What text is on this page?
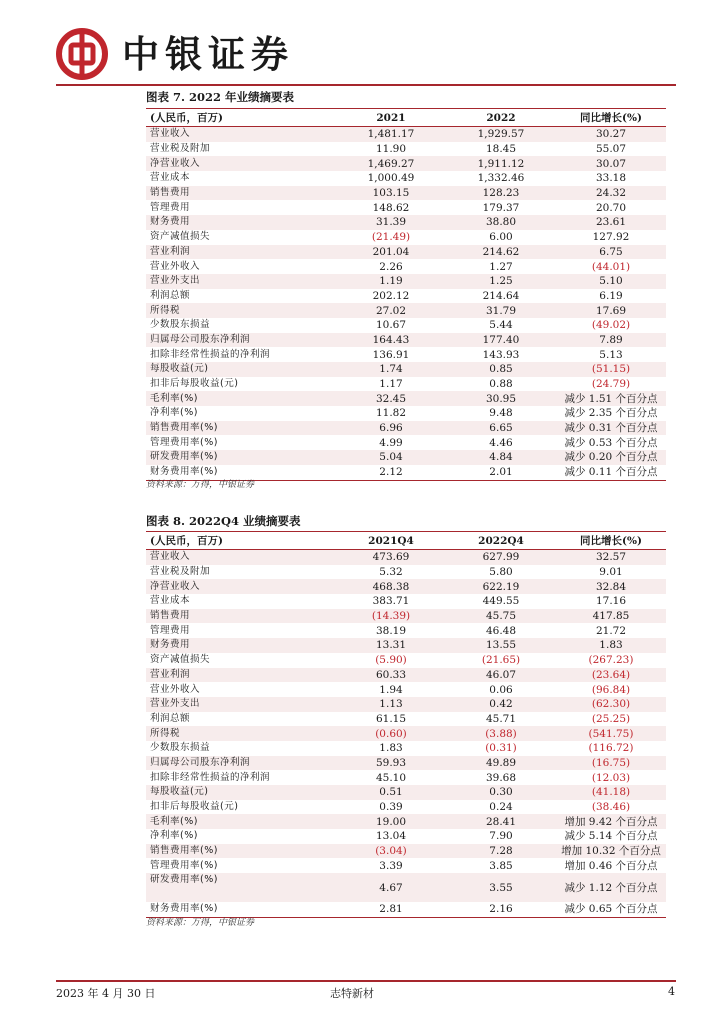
中银证券
图表 7. 2022 年业绩摘要表
(人民币，百万)	2021	2022	同比增长(%)
营业收入	1,481.17	1,929.57	30.27
营业税及附加	11.90	18.45	55.07
净营业收入	1,469.27	1,911.12	30.07
营业成本	1,000.49	1,332.46	33.18
销售费用	103.15	128.23	24.32
管理费用	148.62	179.37	20.70
财务费用	31.39	38.80	23.61
资产减值损失	(21.49)	6.00	127.92
营业利润	201.04	214.62	6.75
营业外收入	2.26	1.27	(44.01)
营业外支出	1.19	1.25	5.10
利润总额	202.12	214.64	6.19
所得税	27.02	31.79	17.69
少数股东损益	10.67	5.44	(49.02)
归属母公司股东净利润	164.43	177.40	7.89
扣除非经常性损益的净利润	136.91	143.93	5.13
每股收益(元)	1.74	0.85	(51.15)
扣非后每股收益(元)	1.17	0.88	(24.79)
毛利率(%)	32.45	30.95	减少 1.51 个百分点
净利率(%)	11.82	9.48	减少 2.35 个百分点
销售费用率(%)	6.96	6.65	减少 0.31 个百分点
管理费用率(%)	4.99	4.46	减少 0.53 个百分点
研发费用率(%)	5.04	4.84	减少 0.20 个百分点
财务费用率(%)	2.12	2.01	减少 0.11 个百分点
资料来源：万得，中银证券
图表 8. 2022Q4 业绩摘要表
(人民币，百万)	2021Q4	2022Q4	同比增长(%)
营业收入	473.69	627.99	32.57
营业税及附加	5.32	5.80	9.01
净营业收入	468.38	622.19	32.84
营业成本	383.71	449.55	17.16
销售费用	(14.39)	45.75	417.85
管理费用	38.19	46.48	21.72
财务费用	13.31	13.55	1.83
资产减值损失	(5.90)	(21.65)	(267.23)
营业利润	60.33	46.07	(23.64)
营业外收入	1.94	0.06	(96.84)
营业外支出	1.13	0.42	(62.30)
利润总额	61.15	45.71	(25.25)
所得税	(0.60)	(3.88)	(541.75)
少数股东损益	1.83	(0.31)	(116.72)
归属母公司股东净利润	59.93	49.89	(16.75)
扣除非经常性损益的净利润	45.10	39.68	(12.03)
每股收益(元)	0.51	0.30	(41.18)
扣非后每股收益(元)	0.39	0.24	(38.46)
毛利率(%)	19.00	28.41	增加 9.42 个百分点
净利率(%)	13.04	7.90	减少 5.14 个百分点
销售费用率(%)	(3.04)	7.28	增加 10.32 个百分点
管理费用率(%)	3.39	3.85	增加 0.46 个百分点
研发费用率(%)	4.67	3.55	减少 1.12 个百分点
财务费用率(%)	2.81	2.16	减少 0.65 个百分点
资料来源：万得，中银证券
2023 年 4 月 30 日	志特新材	4
